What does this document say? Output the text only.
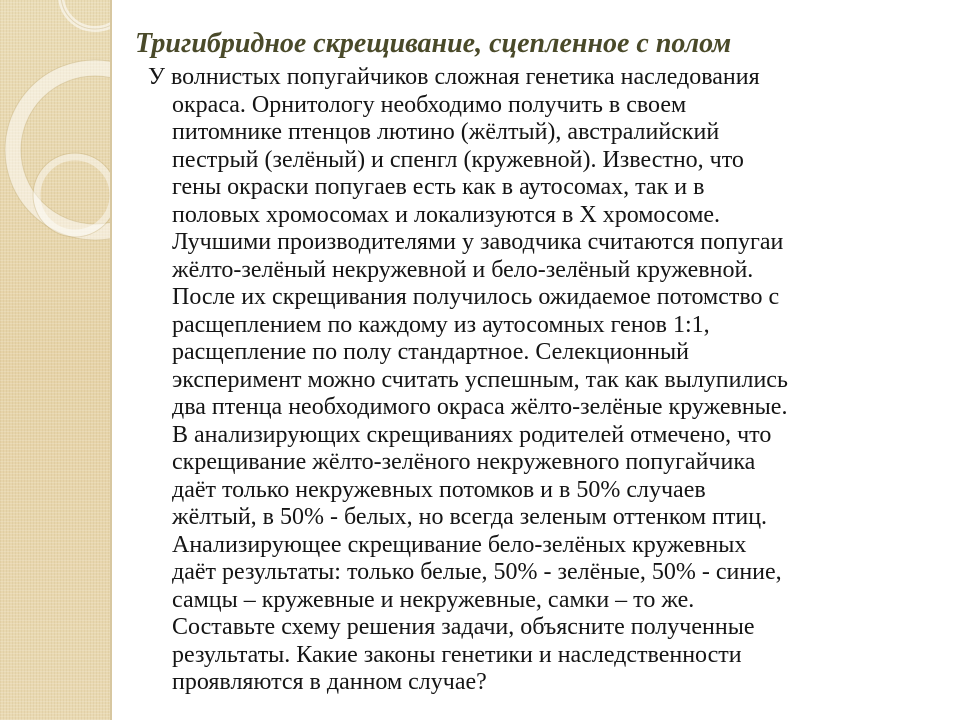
Тригибридное скрещивание, сцепленное с полом
У волнистых попугайчиков сложная генетика наследования
окраса. Орнитологу необходимо получить в своем
питомнике птенцов лютино (жёлтый), австралийский
пестрый (зелёный) и спенгл (кружевной). Известно, что
гены окраски попугаев есть как в аутосомах, так и в
половых хромосомах и локализуются в X хромосоме.
Лучшими производителями у заводчика считаются попугаи
жёлто-зелёный некружевной и бело-зелёный кружевной.
После их скрещивания получилось ожидаемое потомство с
расщеплением по каждому из аутосомных генов 1:1,
расщепление по полу стандартное. Селекционный
эксперимент можно считать успешным, так как вылупились
два птенца необходимого окраса жёлто-зелёные кружевные.
В анализирующих скрещиваниях родителей отмечено, что
скрещивание жёлто-зелёного некружевного попугайчика
даёт только некружевных потомков и в 50% случаев
жёлтый, в 50% - белых, но всегда зеленым оттенком птиц.
Анализирующее скрещивание бело-зелёных кружевных
даёт результаты: только белые, 50% - зелёные, 50% - синие,
самцы – кружевные и некружевные, самки – то же.
Составьте схему решения задачи, объясните полученные
результаты. Какие законы генетики и наследственности
проявляются в данном случае?
